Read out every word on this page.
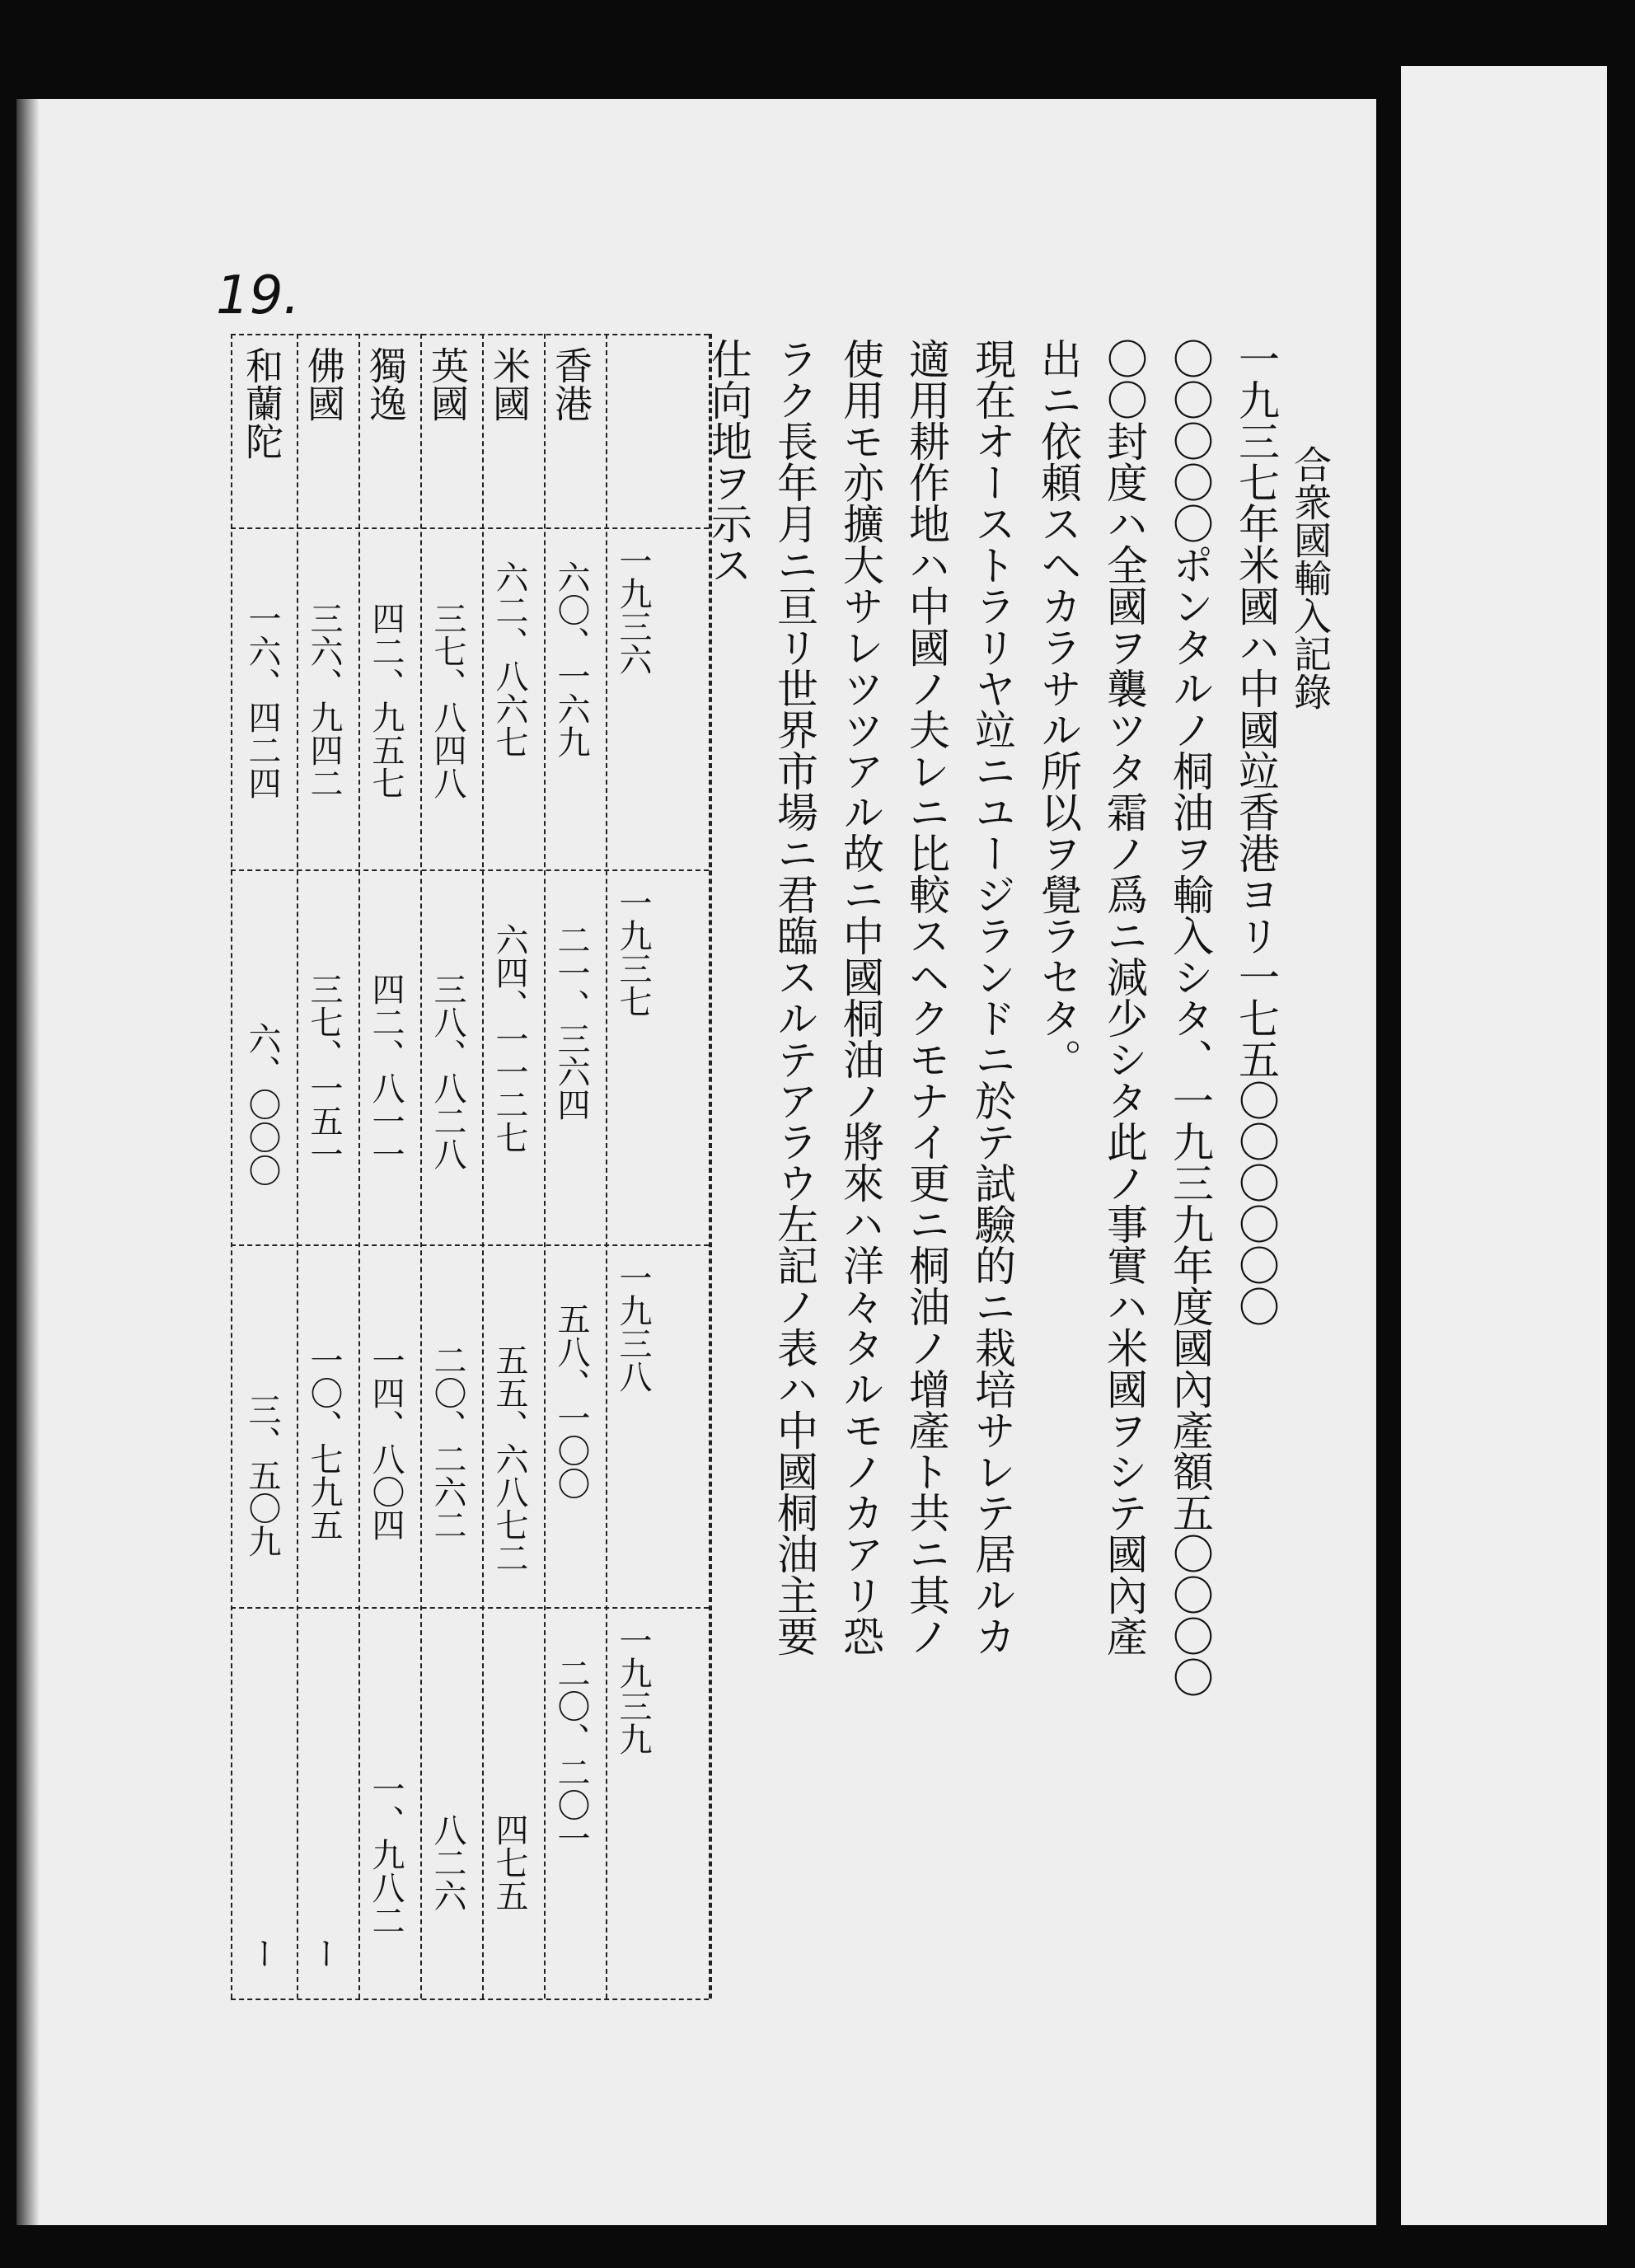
19.
合衆國輸入記錄
一九三七年米國ハ中國竝香港ヨリ一七五〇〇〇〇〇〇
〇〇〇〇〇ポンタルノ桐油ヲ輸入シタ、一九三九年度國內產額五〇〇〇〇
〇〇封度ハ全國ヲ襲ツタ霜ノ爲ニ減少シタ此ノ事實ハ米國ヲシテ國內產
出ニ依頼スヘカラサル所以ヲ覺ラセタ。
現在オーストラリヤ竝ニユージランドニ於テ試驗的ニ栽培サレテ居ルカ
適用耕作地ハ中國ノ夫レニ比較スヘクモナイ更ニ桐油ノ增產ト共ニ其ノ
使用モ亦擴大サレツツアル故ニ中國桐油ノ將來ハ洋々タルモノカアリ恐
ラク長年月ニ亘リ世界市場ニ君臨スルテアラウ左記ノ表ハ中國桐油主要
仕向地ヲ示ス
一九三六
一九三七
一九三八
一九三九
香港
米國
英國
獨逸
佛國
和蘭陀
六〇、一六九
六二、八六七
三七、八四八
四二、九五七
三六、九四二
一六、四二四
二一、三六四
六四、一一二七
三八、八二八
四二、八一一
三七、一五一
六、〇〇〇
五八、一〇〇
五五、六八七二
二〇、二六二
一四、八〇四
一〇、七九五
三、五〇九
二〇、二〇一
四七五
八二六
一、九八二
ー
ー
